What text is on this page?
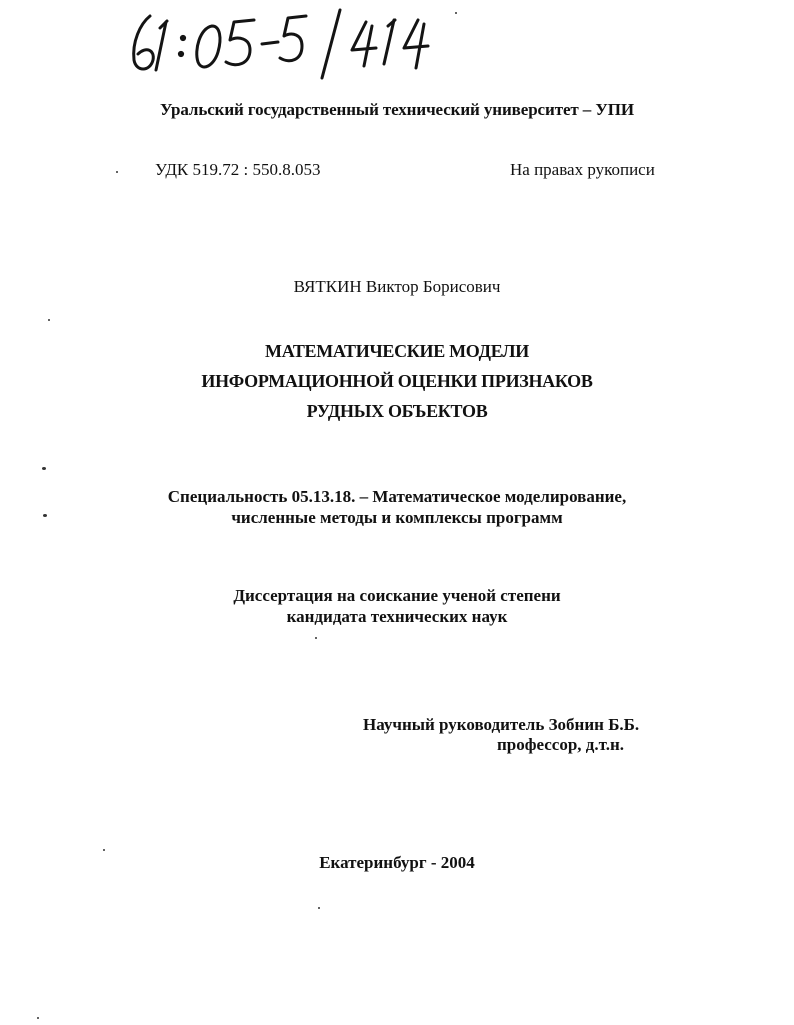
Уральский государственный технический университет – УПИ
УДК 519.72 : 550.8.053	На правах рукописи
ВЯТКИН Виктор Борисович
МАТЕМАТИЧЕСКИЕ МОДЕЛИ
ИНФОРМАЦИОННОЙ ОЦЕНКИ ПРИЗНАКОВ
РУДНЫХ ОБЪЕКТОВ
Специальность 05.13.18. – Математическое моделирование,
численные методы и комплексы программ
Диссертация на соискание ученой степени
кандидата технических наук
Научный руководитель Зобнин Б.Б.
профессор, д.т.н.
Екатеринбург - 2004
